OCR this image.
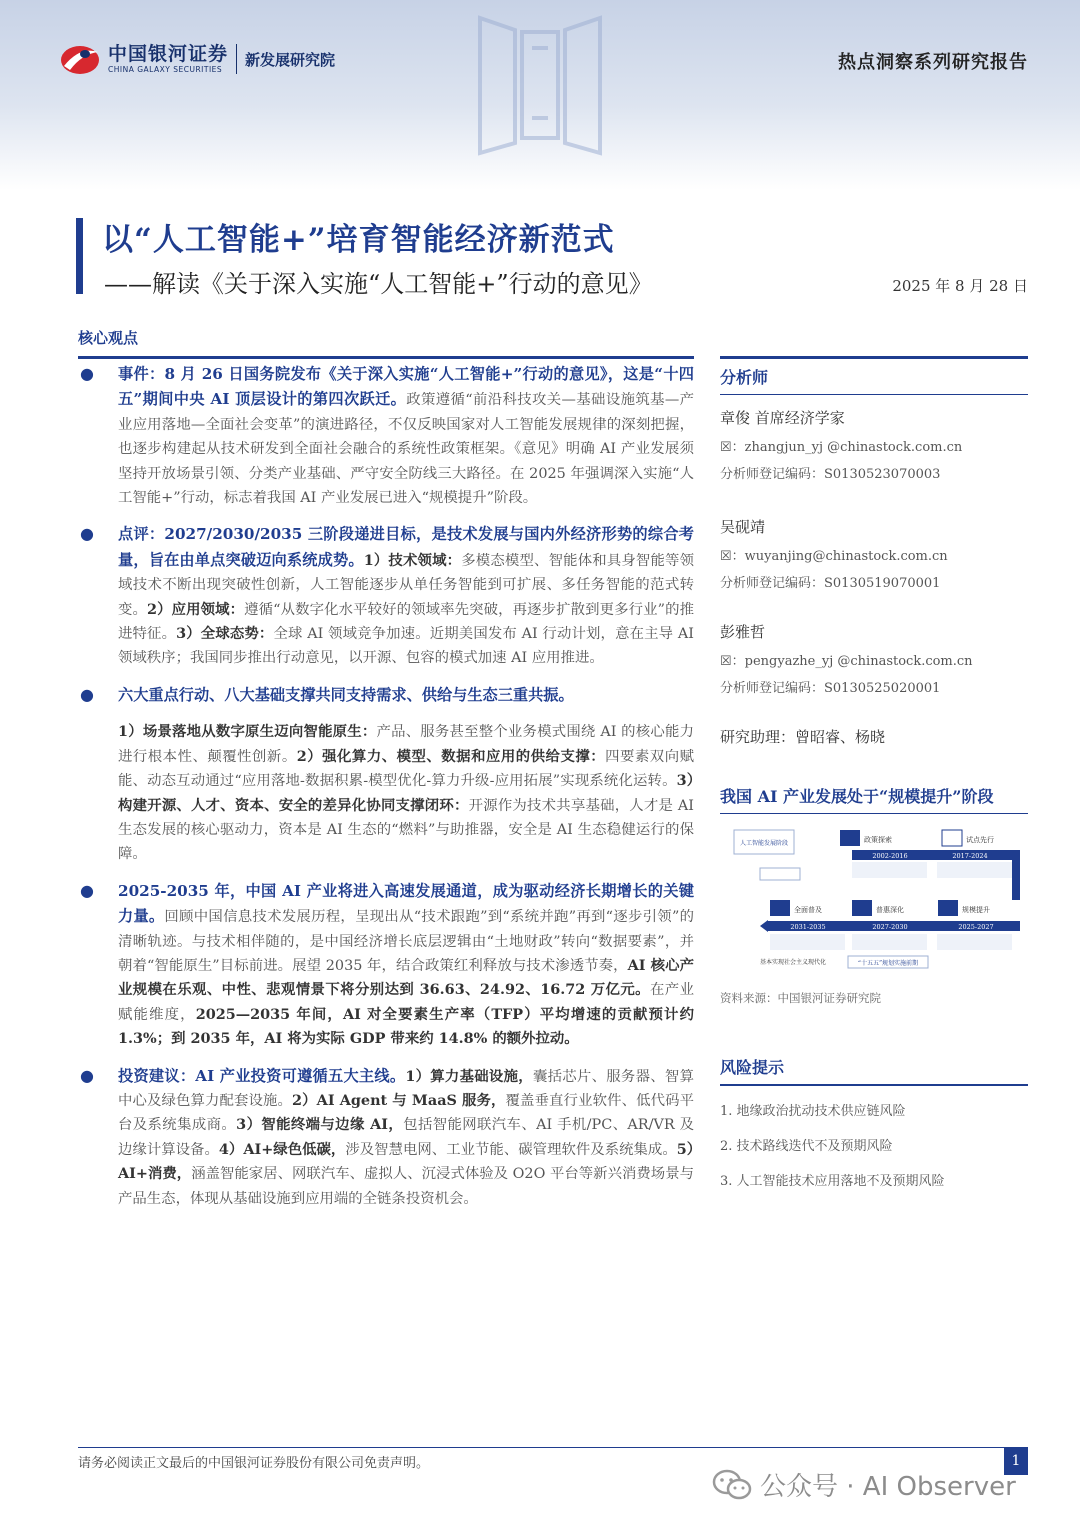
中国银河证券
CHINA GALAXY SECURITIES
新发展研究院	热点洞察系列研究报告
以“人工智能+”培育智能经济新范式
——解读《关于深入实施“人工智能+”行动的意见》	2025 年 8 月 28 日
核心观点
● 事件：8 月 26 日国务院发布《关于深入实施“人工智能+”行动的意见》，这是“十四五”期间中央 AI 顶层设计的第四次跃迁。政策遵循“前沿科技攻关—基础设施筑基—产业应用落地—全面社会变革”的演进路径，不仅反映国家对人工智能发展规律的深刻把握，也逐步构建起从技术研发到全面社会融合的系统性政策框架。《意见》明确 AI 产业发展须坚持开放场景引领、分类产业基础、严守安全防线三大路径。在 2025 年强调深入实施“人工智能+”行动，标志着我国 AI 产业发展已进入“规模提升”阶段。
● 点评：2027/2030/2035 三阶段递进目标，是技术发展与国内外经济形势的综合考量，旨在由单点突破迈向系统成势。1）技术领域：多模态模型、智能体和具身智能等领域技术不断出现突破性创新，人工智能逐步从单任务智能到可扩展、多任务智能的范式转变。2）应用领域：遵循“从数字化水平较好的领域率先突破，再逐步扩散到更多行业”的推进特征。3）全球态势：全球 AI 领域竞争加速。近期美国发布 AI 行动计划，意在主导 AI 领域秩序；我国同步推出行动意见，以开源、包容的模式加速 AI 应用推进。
● 六大重点行动、八大基础支撑共同支持需求、供给与生态三重共振。
1）场景落地从数字原生迈向智能原生：产品、服务甚至整个业务模式围绕 AI 的核心能力进行根本性、颠覆性创新。2）强化算力、模型、数据和应用的供给支撑：四要素双向赋能、动态互动通过“应用落地-数据积累-模型优化-算力升级-应用拓展”实现系统化运转。3）构建开源、人才、资本、安全的差异化协同支撑闭环：开源作为技术共享基础，人才是 AI 生态发展的核心驱动力，资本是 AI 生态的“燃料”与助推器，安全是 AI 生态稳健运行的保障。
● 2025-2035 年，中国 AI 产业将进入高速发展通道，成为驱动经济长期增长的关键力量。回顾中国信息技术发展历程，呈现出从“技术跟跑”到“系统并跑”再到“逐步引领”的清晰轨迹。与技术相伴随的，是中国经济增长底层逻辑由“土地财政”转向“数据要素”，并朝着“智能原生”目标前进。展望 2035 年，结合政策红利释放与技术渗透节奏，AI 核心产业规模在乐观、中性、悲观情景下将分别达到 36.63、24.92、16.72 万亿元。在产业赋能维度，2025—2035 年间，AI 对全要素生产率（TFP）平均增速的贡献预计约 1.3%；到 2035 年，AI 将为实际 GDP 带来约 14.8% 的额外拉动。
● 投资建议：AI 产业投资可遵循五大主线。1）算力基础设施，囊括芯片、服务器、智算中心及绿色算力配套设施。2）AI Agent 与 MaaS 服务，覆盖垂直行业软件、低代码平台及系统集成商。3）智能终端与边缘 AI，包括智能网联汽车、AI 手机/PC、AR/VR 及边缘计算设备。4）AI+绿色低碳，涉及智慧电网、工业节能、碳管理软件及系统集成。5）AI+消费，涵盖智能家居、网联汽车、虚拟人、沉浸式体验及 O2O 平台等新兴消费场景与产品生态，体现从基础设施到应用端的全链条投资机会。
分析师
章俊 首席经济学家
☒：zhangjun_yj @chinastock.com.cn
分析师登记编码：S0130523070003
吴砚靖
☒：wuyanjing@chinastock.com.cn
分析师登记编码：S0130519070001
彭雅哲
☒：pengyazhe_yj @chinastock.com.cn
分析师登记编码：S0130525020001
研究助理：曾昭睿、杨晓
我国 AI 产业发展处于“规模提升”阶段
人工智能发展阶段	政策探索	试点先行
2002-2016	2017-2024
全面普及	普惠深化	规模提升
2031-2035	2027-2030	2025-2027
基本实现社会主义现代化	“十五五”规划实施前期
资料来源：中国银河证券研究院
风险提示
1. 地缘政治扰动技术供应链风险
2. 技术路线迭代不及预期风险
3. 人工智能技术应用落地不及预期风险
请务必阅读正文最后的中国银河证券股份有限公司免责声明。	1
公众号 · AI Observer
